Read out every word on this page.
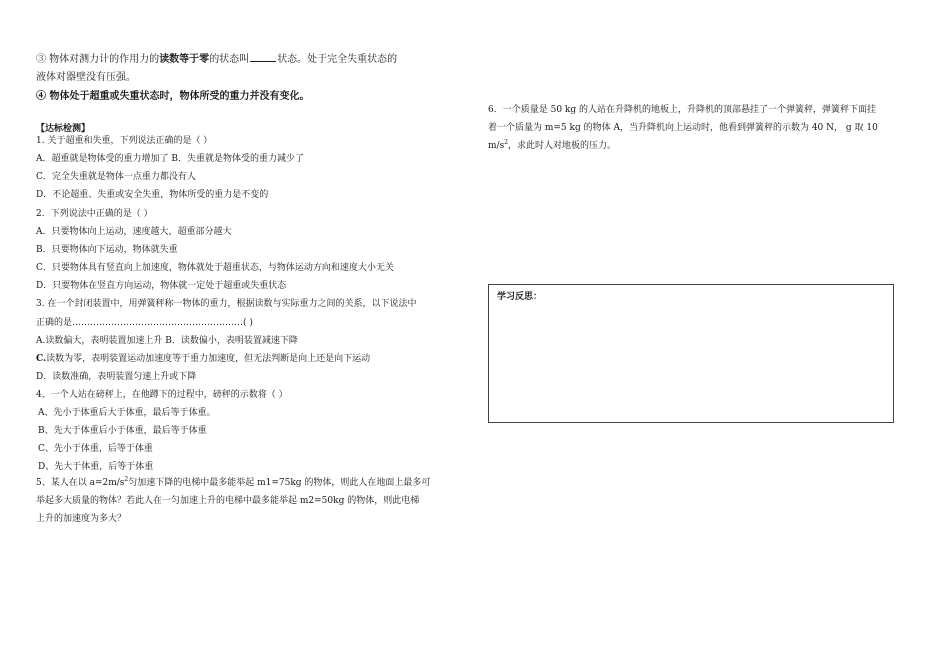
③ 物体对测力计的作用力的读数等于零的状态叫	状态。处于完全失重状态的
液体对器壁没有压强。
④ 物体处于超重或失重状态时，物体所受的重力并没有变化。
【达标检测】
1. 关于超重和失重，下列说法正确的是（ ）
A．超重就是物体受的重力增加了 B．失重就是物体受的重力减少了
C．完全失重就是物体一点重力都没有人
D．不论超重、失重或安全失重，物体所受的重力是不变的
2．下列说法中正确的是（ ）
A．只要物体向上运动，速度越大，超重部分越大
B．只要物体向下运动，物体就失重
C．只要物体具有竖直向上加速度，物体就处于超重状态，与物体运动方向和速度大小无关
D．只要物体在竖直方向运动，物体就一定处于超重或失重状态
3. 在一个封闭装置中，用弹簧秤称一物体的重力，根据读数与实际重力之间的关系，以下说法中
正确的是…………………………………………………( )
A.读数偏大，表明装置加速上升 B．读数偏小，表明装置减速下降
C.读数为零，表明装置运动加速度等于重力加速度，但无法判断是向上还是向下运动
D．读数准确，表明装置匀速上升或下降
4、一个人站在磅秤上，在他蹲下的过程中，磅秤的示数将（ ）
A、先小于体重后大于体重，最后等于体重。
B、先大于体重后小于体重，最后等于体重
C、先小于体重，后等于体重
D、先大于体重，后等于体重
5、某人在以 $a=2m/s^2$匀加速下降的电梯中最多能举起 m1=75kg 的物体，则此人在地面上最多可
举起多大质量的物体？若此人在一匀加速上升的电梯中最多能举起 m2=50kg 的物体，则此电梯
上升的加速度为多大？
6．一个质量是 50 kg 的人站在升降机的地板上，升降机的顶部悬挂了一个弹簧秤，弹簧秤下面挂
着一个质量为 m=5 kg 的物体 A，当升降机向上运动时，他看到弹簧秤的示数为 40 N， g 取 10
$m/s^2$，求此时人对地板的压力。
学习反思：
